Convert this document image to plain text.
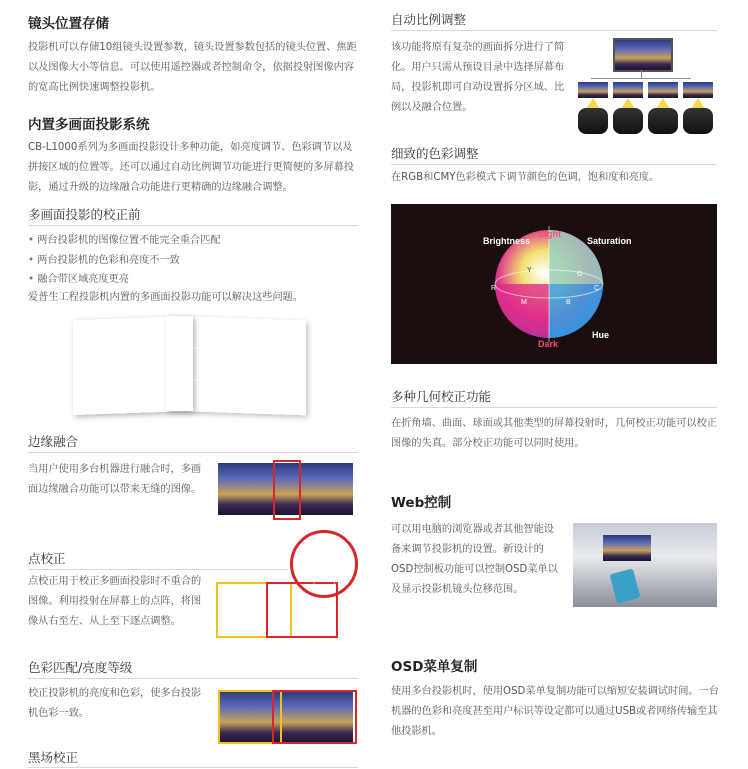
镜头位置存储

投影机可以存储10组镜头设置参数，镜头设置参数包括的镜头位置、焦距以及图像大小等信息。可以使用遥控器或者控制命令，依据投射图像内容的宽高比例快速调整投影机。

内置多画面投影系统

CB-L1000系列为多画面投影设计多种功能，如亮度调节、色彩调节以及拼接区域的位置等。还可以通过自动比例调节功能进行更简便的多屏幕投影，通过升级的边缘融合功能进行更精确的边缘融合调整。

多画面投影的校正前
• 两台投影机的图像位置不能完全重合匹配
• 两台投影机的色彩和亮度不一致
• 融合带区域亮度更亮

爱普生工程投影机内置的多画面投影功能可以解决这些问题。

边缘融合

当用户使用多台机器进行融合时，多画面边缘融合功能可以带来无缝的图像。

点校正

点校正用于校正多画面投影时不重合的图像。利用投射在屏幕上的点阵，将图像从右至左、从上至下逐点调整。

色彩匹配/亮度等级

校正投影机的亮度和色彩，使多台投影机色彩一致。

黑场校正
自动比例调整

该功能将原有复杂的画面拆分进行了简化。用户只需从预设目录中选择屏幕布局，投影机即可自动设置拆分区域、比例以及融合位置。

细致的色彩调整

在RGB和CMY色彩模式下调节颜色的色调，饱和度和亮度。

Brightness
Light
Saturation
Dark
Hue
Y
R
G
C
M	B
多种几何校正功能

在折角墙、曲面、球面或其他类型的屏幕投射时，几何校正功能可以校正图像的失真。部分校正功能可以同时使用。

Web控制

可以用电脑的浏览器或者其他智能设备来调节投影机的设置。新设计的OSD控制板功能可以控制OSD菜单以及显示投影机镜头位移范围。

OSD菜单复制

使用多台投影机时，使用OSD菜单复制功能可以缩短安装调试时间。一台机器的色彩和亮度甚至用户标识等设定都可以通过USB或者网络传输至其他投影机。
